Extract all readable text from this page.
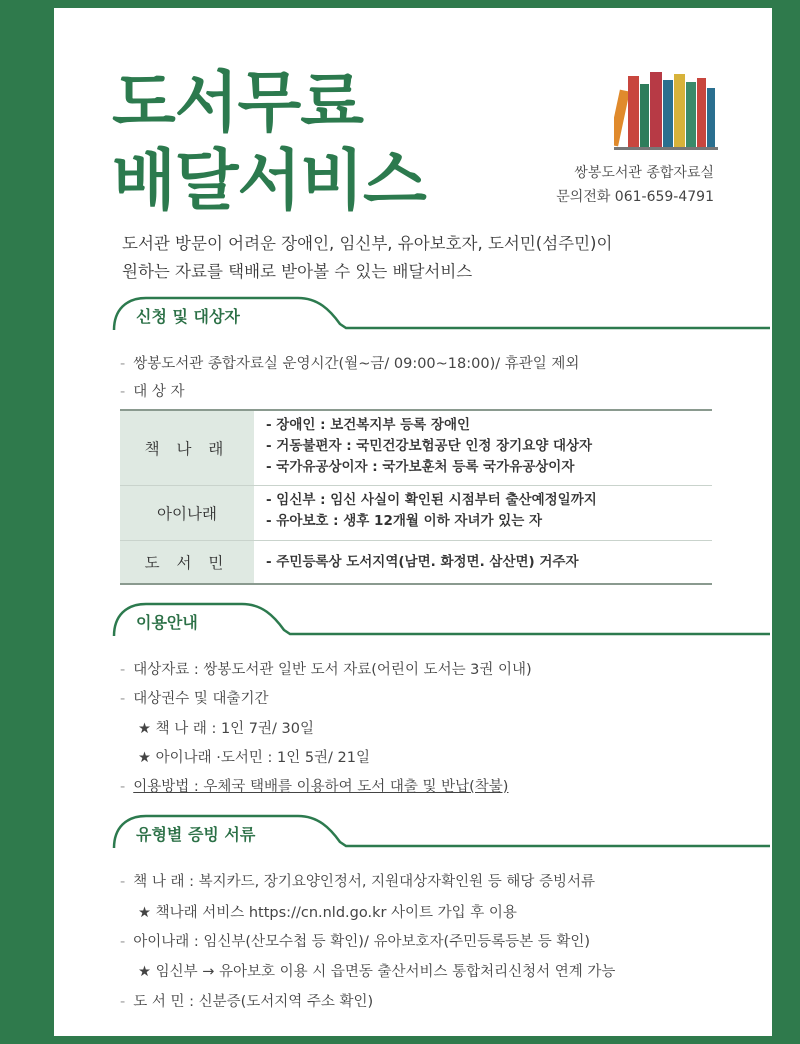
도서무료
배달서비스	쌍봉도서관 종합자료실
문의전화 061-659-4791
도서관 방문이 어려운 장애인, 임신부, 유아보호자, 도서민(섬주민)이
원하는 자료를 택배로 받아볼 수 있는 배달서비스
신청 및 대상자
- 쌍봉도서관 종합자료실 운영시간(월~금/ 09:00~18:00)/ 휴관일 제외
- 대 상 자
책 나 래
- 장애인 : 보건복지부 등록 장애인
- 거동불편자 : 국민건강보험공단 인정 장기요양 대상자
- 국가유공상이자 : 국가보훈처 등록 국가유공상이자
아이나래
- 임신부 : 임신 사실이 확인된 시점부터 출산예정일까지
- 유아보호 : 생후 12개월 이하 자녀가 있는 자
도 서 민	- 주민등록상 도서지역(남면. 화정면. 삼산면) 거주자
이용안내
- 대상자료 : 쌍봉도서관 일반 도서 자료(어린이 도서는 3권 이내)
- 대상권수 및 대출기간
★ 책 나 래 : 1인 7권/ 30일
★ 아이나래 ·도서민 : 1인 5권/ 21일
- 이용방법 : 우체국 택배를 이용하여 도서 대출 및 반납(착불)
유형별 증빙 서류
- 책 나 래 : 복지카드, 장기요양인정서, 지원대상자확인원 등 해당 증빙서류
★ 책나래 서비스 https://cn.nld.go.kr 사이트 가입 후 이용
- 아이나래 : 임신부(산모수첩 등 확인)/ 유아보호자(주민등록등본 등 확인)
★ 임신부 → 유아보호 이용 시 읍면동 출산서비스 통합처리신청서 연계 가능
- 도 서 민 : 신분증(도서지역 주소 확인)
